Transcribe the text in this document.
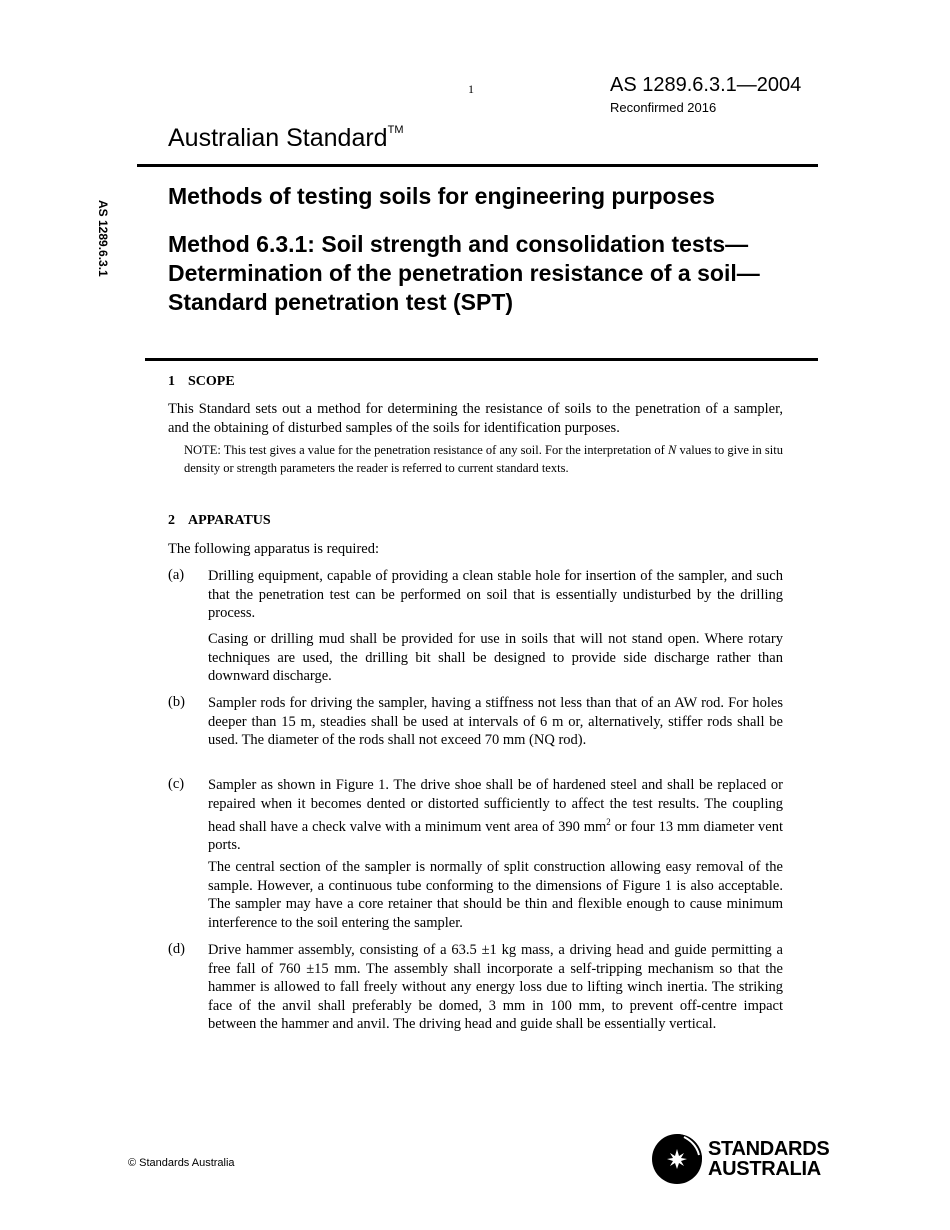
1	AS 1289.6.3.1—2004
Reconfirmed 2016
Australian Standard™
AS 1289.6.3.1
Methods of testing soils for engineering purposes
Method 6.3.1: Soil strength and consolidation tests—Determination of the penetration resistance of a soil—Standard penetration test (SPT)
1 SCOPE
This Standard sets out a method for determining the resistance of soils to the penetration of a sampler, and the obtaining of disturbed samples of the soils for identification purposes.
NOTE: This test gives a value for the penetration resistance of any soil. For the interpretation of N values to give in situ density or strength parameters the reader is referred to current standard texts.
2 APPARATUS
The following apparatus is required:
(a) Drilling equipment, capable of providing a clean stable hole for insertion of the sampler, and such that the penetration test can be performed on soil that is essentially undisturbed by the drilling process.
Casing or drilling mud shall be provided for use in soils that will not stand open. Where rotary techniques are used, the drilling bit shall be designed to provide side discharge rather than downward discharge.
(b) Sampler rods for driving the sampler, having a stiffness not less than that of an AW rod. For holes deeper than 15 m, steadies shall be used at intervals of 6 m or, alternatively, stiffer rods shall be used. The diameter of the rods shall not exceed 70 mm (NQ rod).
(c) Sampler as shown in Figure 1. The drive shoe shall be of hardened steel and shall be replaced or repaired when it becomes dented or distorted sufficiently to affect the test results. The coupling head shall have a check valve with a minimum vent area of 390 $mm^2$ or four 13 mm diameter vent ports.
The central section of the sampler is normally of split construction allowing easy removal of the sample. However, a continuous tube conforming to the dimensions of Figure 1 is also acceptable. The sampler may have a core retainer that should be thin and flexible enough to cause minimum interference to the soil entering the sampler.
(d) Drive hammer assembly, consisting of a 63.5 ±1 kg mass, a driving head and guide permitting a free fall of 760 ±15 mm. The assembly shall incorporate a self-tripping mechanism so that the hammer is allowed to fall freely without any energy loss due to lifting winch inertia. The striking face of the anvil shall preferably be domed, 3 mm in 100 mm, to prevent off-centre impact between the hammer and anvil. The driving head and guide shall be essentially vertical.
© Standards Australia
STANDARDS
AUSTRALIA
